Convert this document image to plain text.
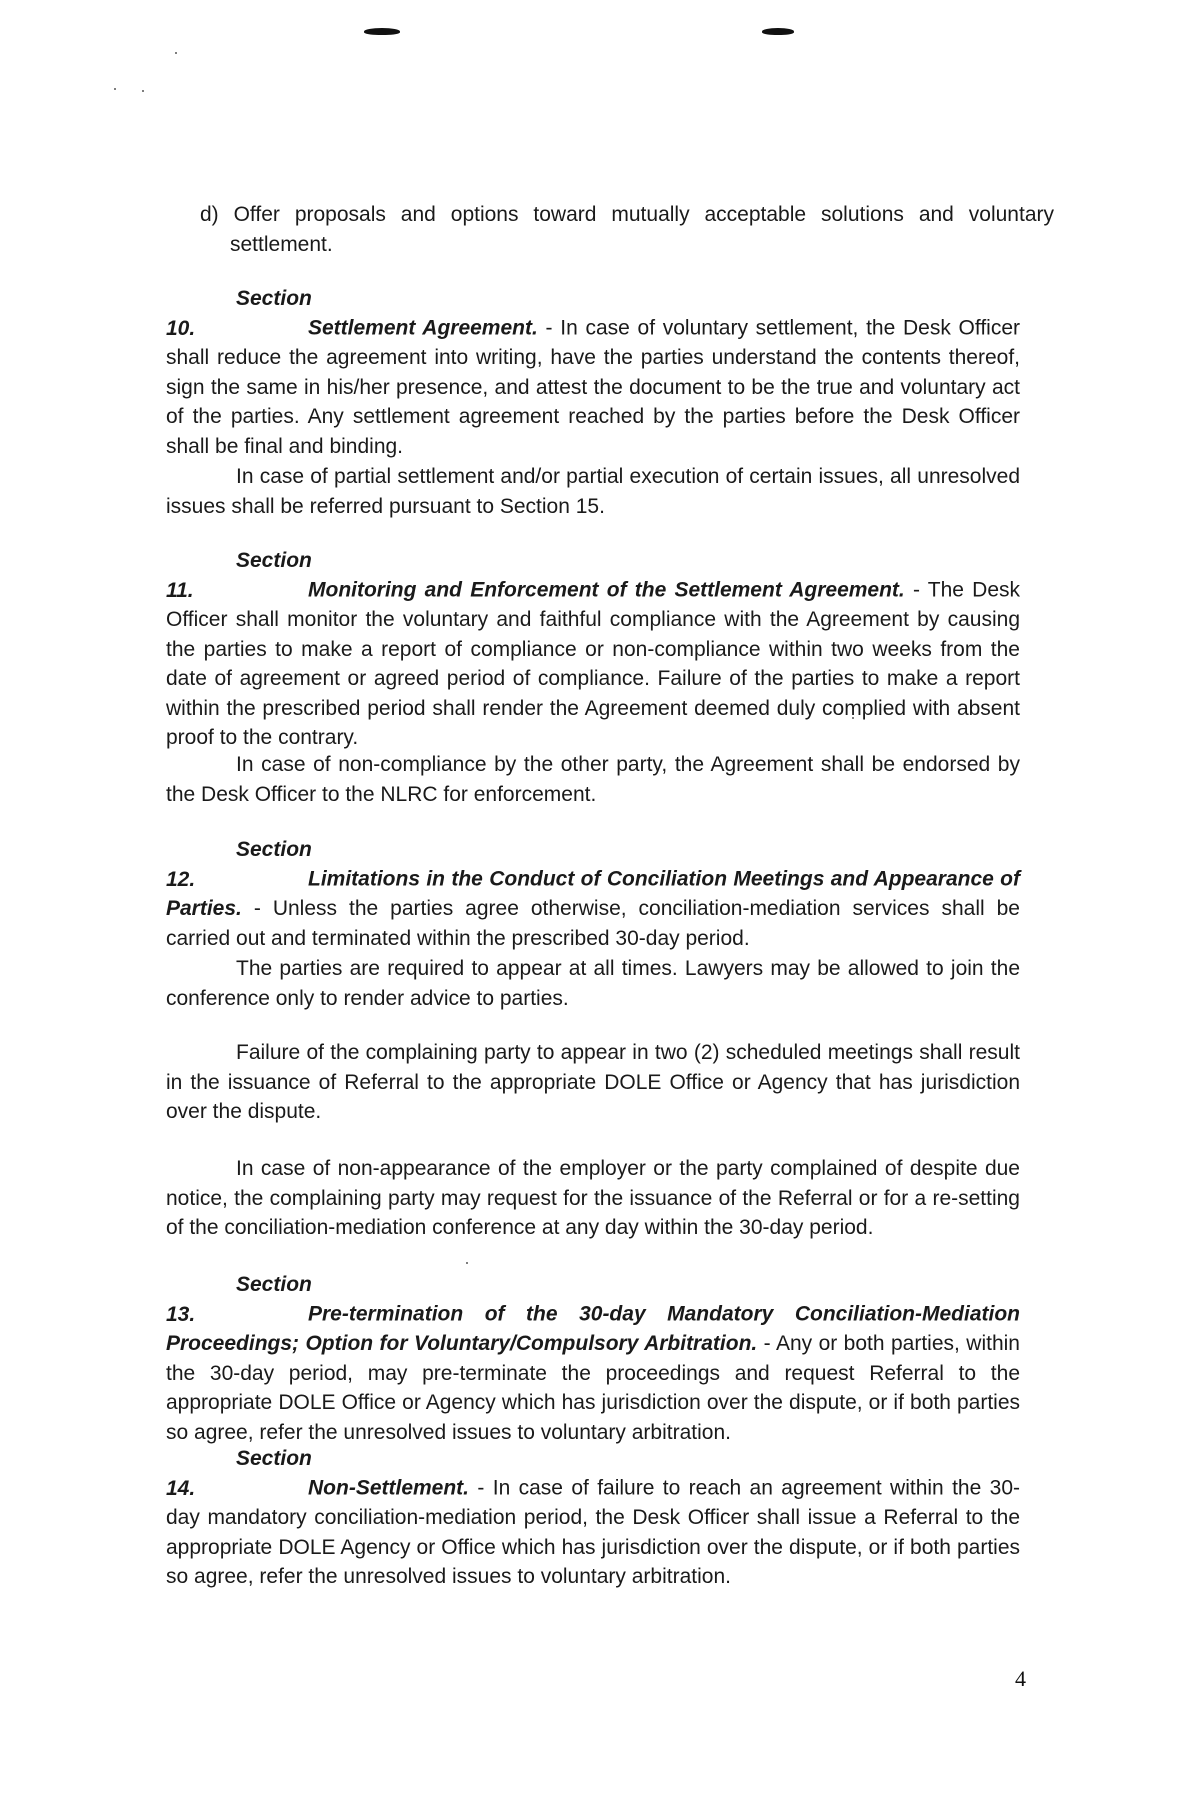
d) Offer proposals and options toward mutually acceptable solutions and voluntary settlement.

Section 10.	Settlement Agreement. - In case of voluntary settlement, the Desk Officer shall reduce the agreement into writing, have the parties understand the contents thereof, sign the same in his/her presence, and attest the document to be the true and voluntary act of the parties. Any settlement agreement reached by the parties before the Desk Officer shall be final and binding.

In case of partial settlement and/or partial execution of certain issues, all unresolved issues shall be referred pursuant to Section 15.

Section 11.	Monitoring and Enforcement of the Settlement Agreement. - The Desk Officer shall monitor the voluntary and faithful compliance with the Agreement by causing the parties to make a report of compliance or non-compliance within two weeks from the date of agreement or agreed period of compliance. Failure of the parties to make a report within the prescribed period shall render the Agreement deemed duly complied with absent proof to the contrary.

In case of non-compliance by the other party, the Agreement shall be endorsed by the Desk Officer to the NLRC for enforcement.

Section 12.	Limitations in the Conduct of Conciliation Meetings and Appearance of Parties. - Unless the parties agree otherwise, conciliation-mediation services shall be carried out and terminated within the prescribed 30-day period.

The parties are required to appear at all times. Lawyers may be allowed to join the conference only to render advice to parties.

Failure of the complaining party to appear in two (2) scheduled meetings shall result in the issuance of Referral to the appropriate DOLE Office or Agency that has jurisdiction over the dispute.

In case of non-appearance of the employer or the party complained of despite due notice, the complaining party may request for the issuance of the Referral or for a re-setting of the conciliation-mediation conference at any day within the 30-day period.

Section 13.	Pre-termination of the 30-day Mandatory Conciliation-Mediation Proceedings; Option for Voluntary/Compulsory Arbitration. - Any or both parties, within the 30-day period, may pre-terminate the proceedings and request Referral to the appropriate DOLE Office or Agency which has jurisdiction over the dispute, or if both parties so agree, refer the unresolved issues to voluntary arbitration.

Section 14.	Non-Settlement. - In case of failure to reach an agreement within the 30-day mandatory conciliation-mediation period, the Desk Officer shall issue a Referral to the appropriate DOLE Agency or Office which has jurisdiction over the dispute, or if both parties so agree, refer the unresolved issues to voluntary arbitration.

4
